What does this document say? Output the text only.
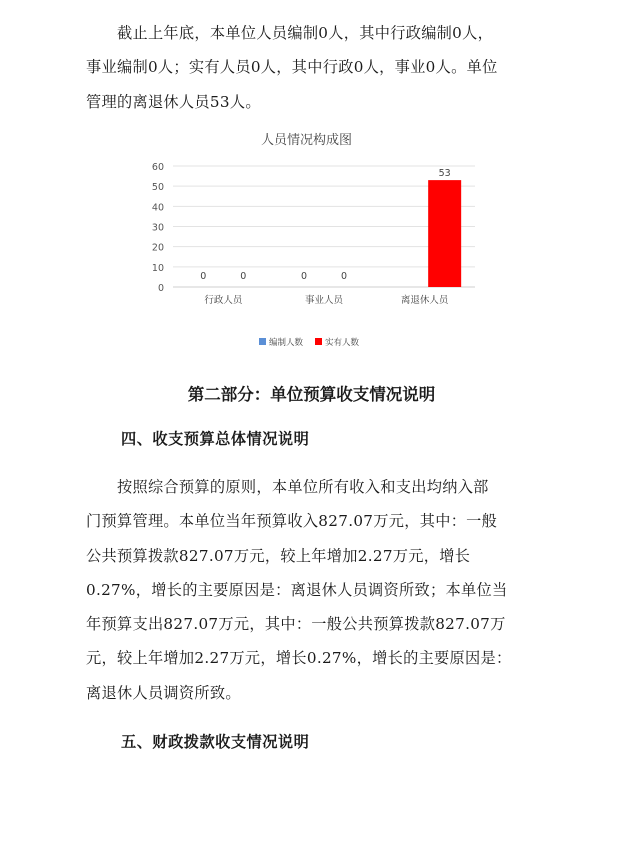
　　截止上年底，本单位人员编制0人，其中行政编制0人，
事业编制0人；实有人员0人，其中行政0人，事业0人。单位
管理的离退休人员53人。

人员情况构成图
0
10
20
30
40
50
60
行政人员
0	0
事业人员
0	0
离退休人员
53
编制人数	实有人数
第二部分：单位预算收支情况说明
四、收支预算总体情况说明

　　按照综合预算的原则，本单位所有收入和支出均纳入部
门预算管理。本单位当年预算收入827.07万元，其中：一般
公共预算拨款827.07万元，较上年增加2.27万元，增长
0.27%，增长的主要原因是：离退休人员调资所致；本单位当
年预算支出827.07万元，其中：一般公共预算拨款827.07万
元，较上年增加2.27万元，增长0.27%，增长的主要原因是：
离退休人员调资所致。

五、财政拨款收支情况说明
